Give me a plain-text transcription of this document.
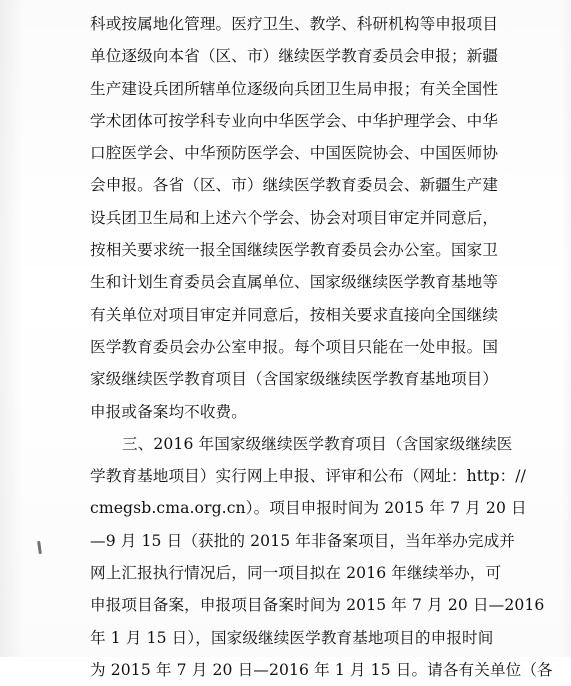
科或按属地化管理。医疗卫生、教学、科研机构等申报项目
单位逐级向本省（区、市）继续医学教育委员会申报；新疆
生产建设兵团所辖单位逐级向兵团卫生局申报；有关全国性
学术团体可按学科专业向中华医学会、中华护理学会、中华
口腔医学会、中华预防医学会、中国医院协会、中国医师协
会申报。各省（区、市）继续医学教育委员会、新疆生产建
设兵团卫生局和上述六个学会、协会对项目审定并同意后，
按相关要求统一报全国继续医学教育委员会办公室。国家卫
生和计划生育委员会直属单位、国家级继续医学教育基地等
有关单位对项目审定并同意后，按相关要求直接向全国继续
医学教育委员会办公室申报。每个项目只能在一处申报。国
家级继续医学教育项目（含国家级继续医学教育基地项目）
申报或备案均不收费。
三、2016 年国家级继续医学教育项目（含国家级继续医
学教育基地项目）实行网上申报、评审和公布（网址：http：//
cmegsb.cma.org.cn）。项目申报时间为 2015 年 7 月 20 日
—9 月 15 日（获批的 2015 年非备案项目，当年举办完成并
网上汇报执行情况后，同一项目拟在 2016 年继续举办，可
申报项目备案，申报项目备案时间为 2015 年 7 月 20 日—2016
年 1 月 15 日），国家级继续医学教育基地项目的申报时间
为 2015 年 7 月 20 日—2016 年 1 月 15 日。请各有关单位（各
